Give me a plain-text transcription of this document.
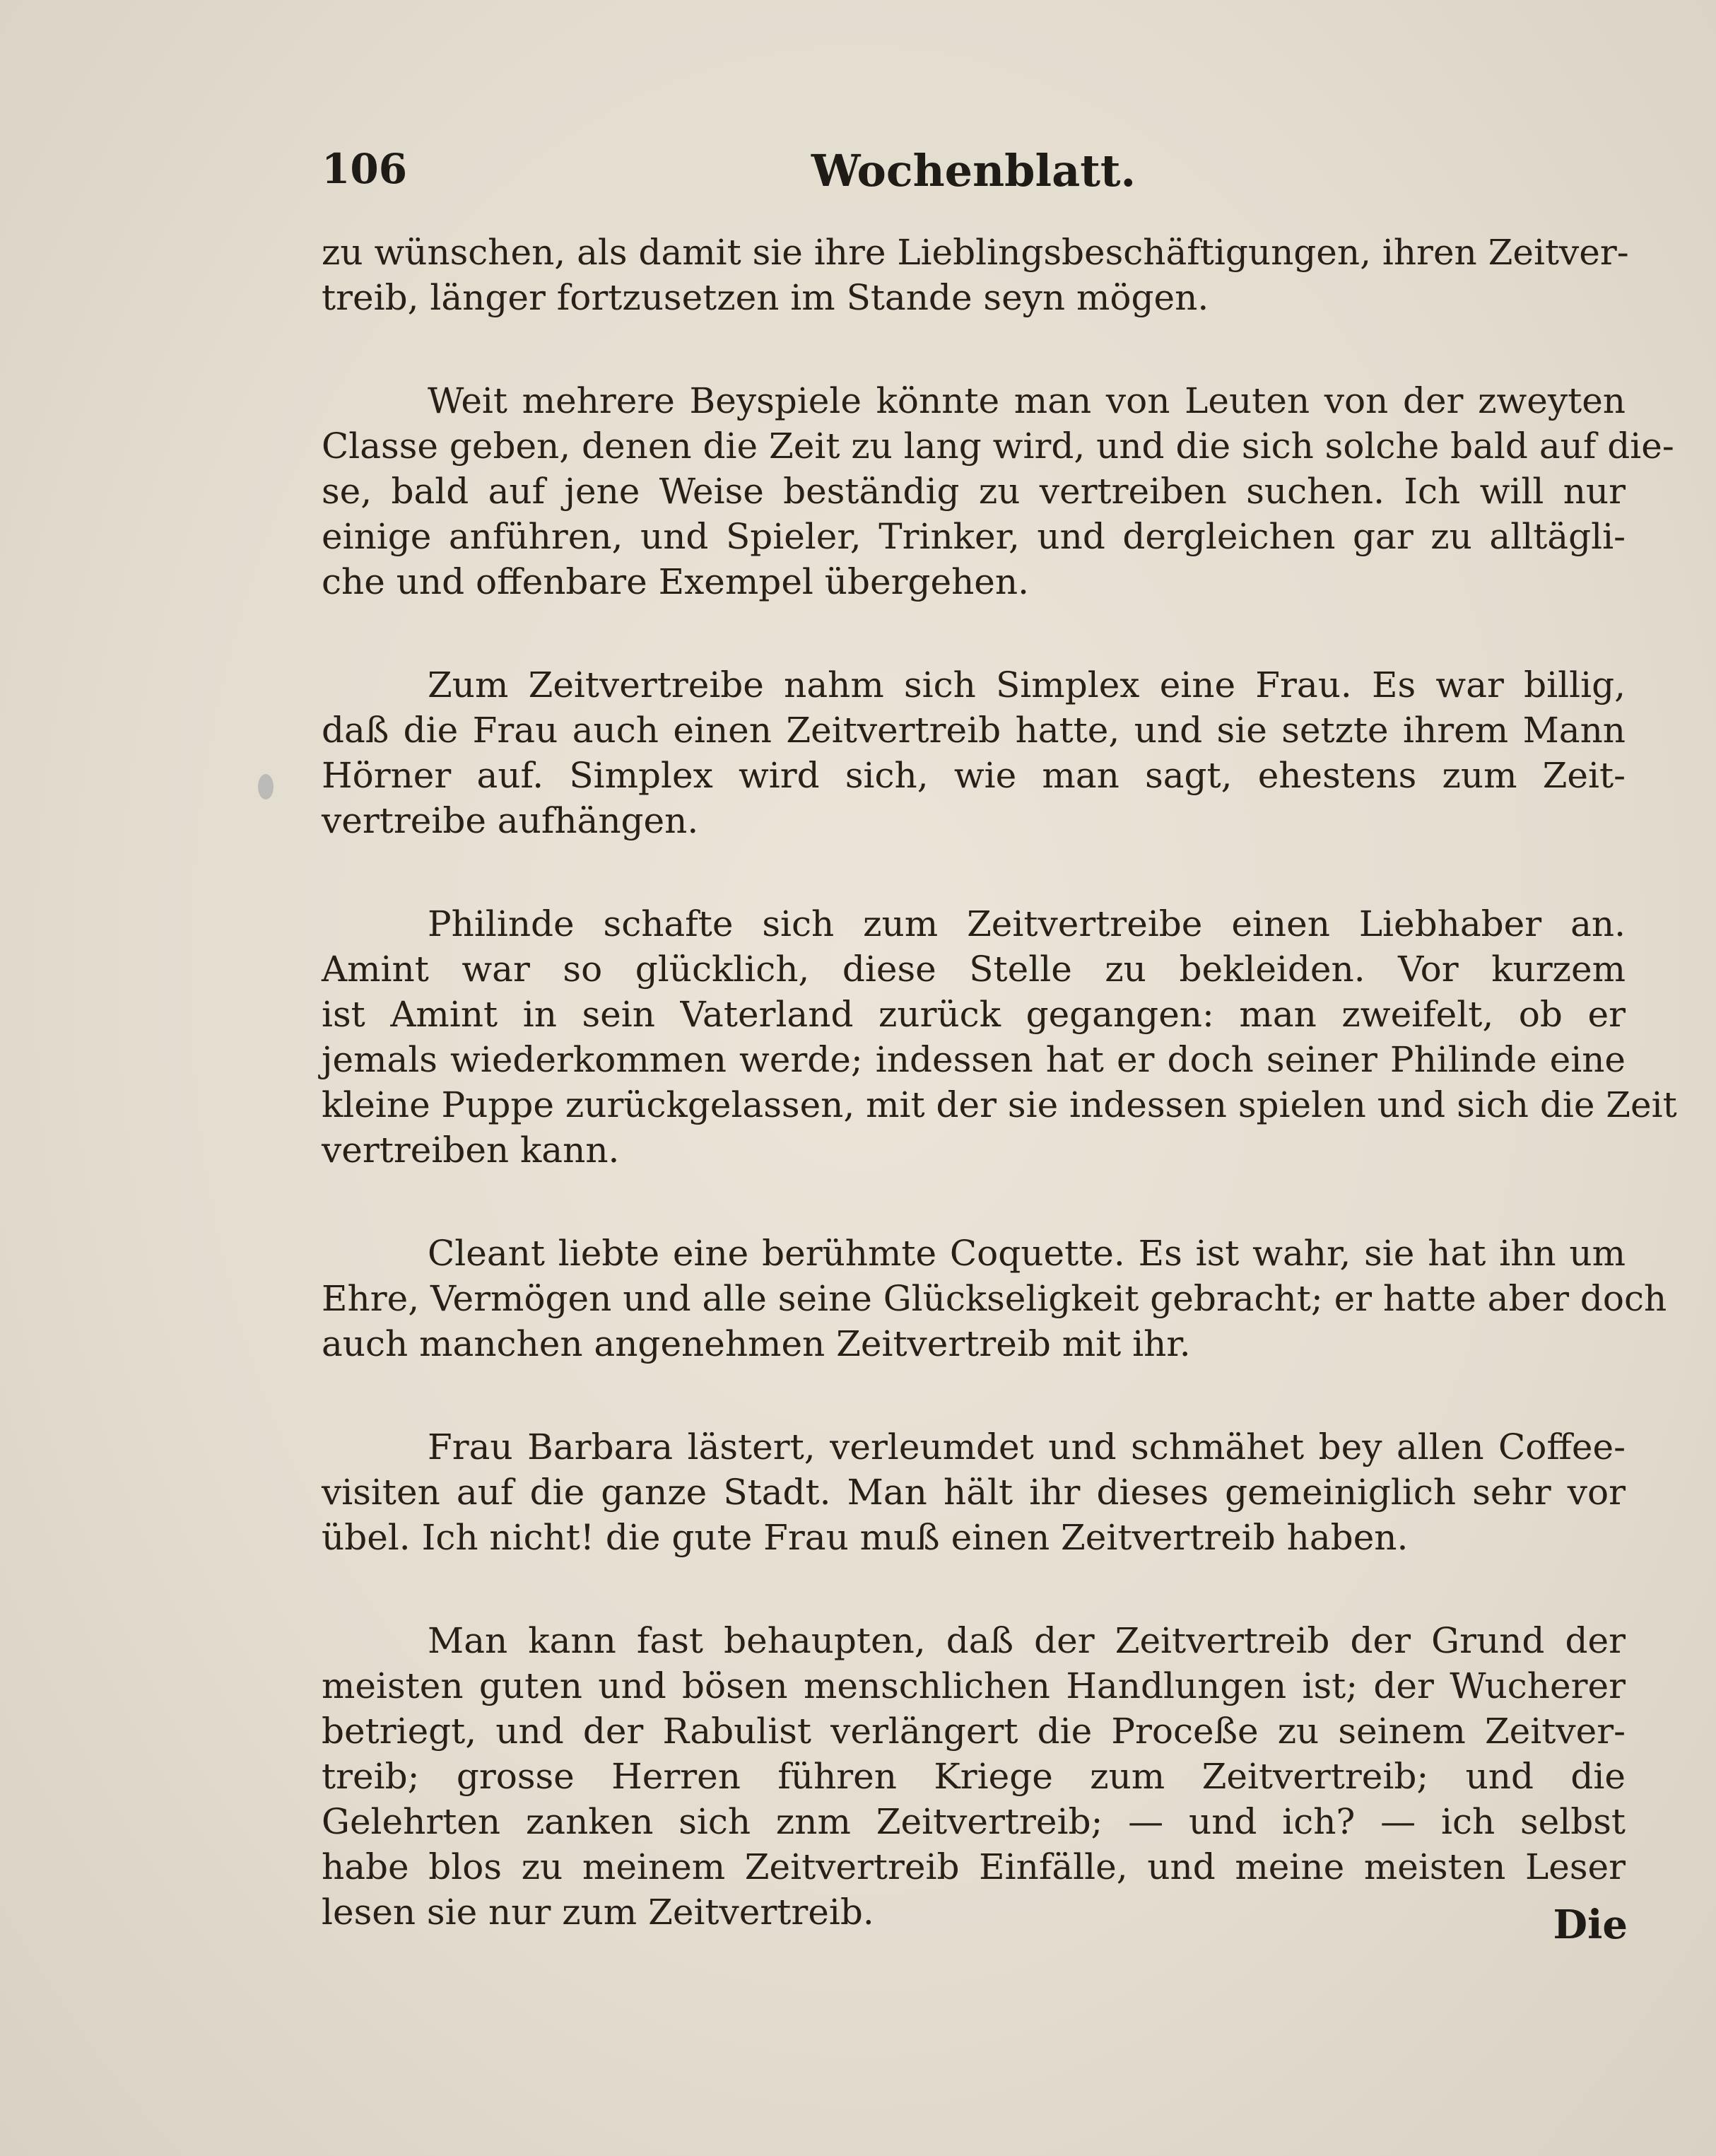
106	Wochenblatt.

zu wünschen, als damit sie ihre Lieblingsbeschäftigungen, ihren Zeitver-
treib, länger fortzusetzen im Stande seyn mögen.

Weit mehrere Beyspiele könnte man von Leuten von der zweyten
Classe geben, denen die Zeit zu lang wird, und die sich solche bald auf die-
se, bald auf jene Weise beständig zu vertreiben suchen. Ich will nur
einige anführen, und Spieler, Trinker, und dergleichen gar zu alltägli-
che und offenbare Exempel übergehen.

Zum Zeitvertreibe nahm sich Simplex eine Frau. Es war billig,
daß die Frau auch einen Zeitvertreib hatte, und sie setzte ihrem Mann
Hörner auf. Simplex wird sich, wie man sagt, ehestens zum Zeit-
vertreibe aufhängen.

Philinde schafte sich zum Zeitvertreibe einen Liebhaber an.
Amint war so glücklich, diese Stelle zu bekleiden. Vor kurzem
ist Amint in sein Vaterland zurück gegangen: man zweifelt, ob er
jemals wiederkommen werde; indessen hat er doch seiner Philinde eine
kleine Puppe zurückgelassen, mit der sie indessen spielen und sich die Zeit
vertreiben kann.

Cleant liebte eine berühmte Coquette. Es ist wahr, sie hat ihn um
Ehre, Vermögen und alle seine Glückseligkeit gebracht; er hatte aber doch
auch manchen angenehmen Zeitvertreib mit ihr.

Frau Barbara lästert, verleumdet und schmähet bey allen Coffee-
visiten auf die ganze Stadt. Man hält ihr dieses gemeiniglich sehr vor
übel. Ich nicht! die gute Frau muß einen Zeitvertreib haben.

Man kann fast behaupten, daß der Zeitvertreib der Grund der
meisten guten und bösen menschlichen Handlungen ist; der Wucherer
betriegt, und der Rabulist verlängert die Proceße zu seinem Zeitver-
treib; grosse Herren führen Kriege zum Zeitvertreib; und die
Gelehrten zanken sich znm Zeitvertreib; — und ich? — ich selbst
habe blos zu meinem Zeitvertreib Einfälle, und meine meisten Leser
lesen sie nur zum Zeitvertreib.	Die
